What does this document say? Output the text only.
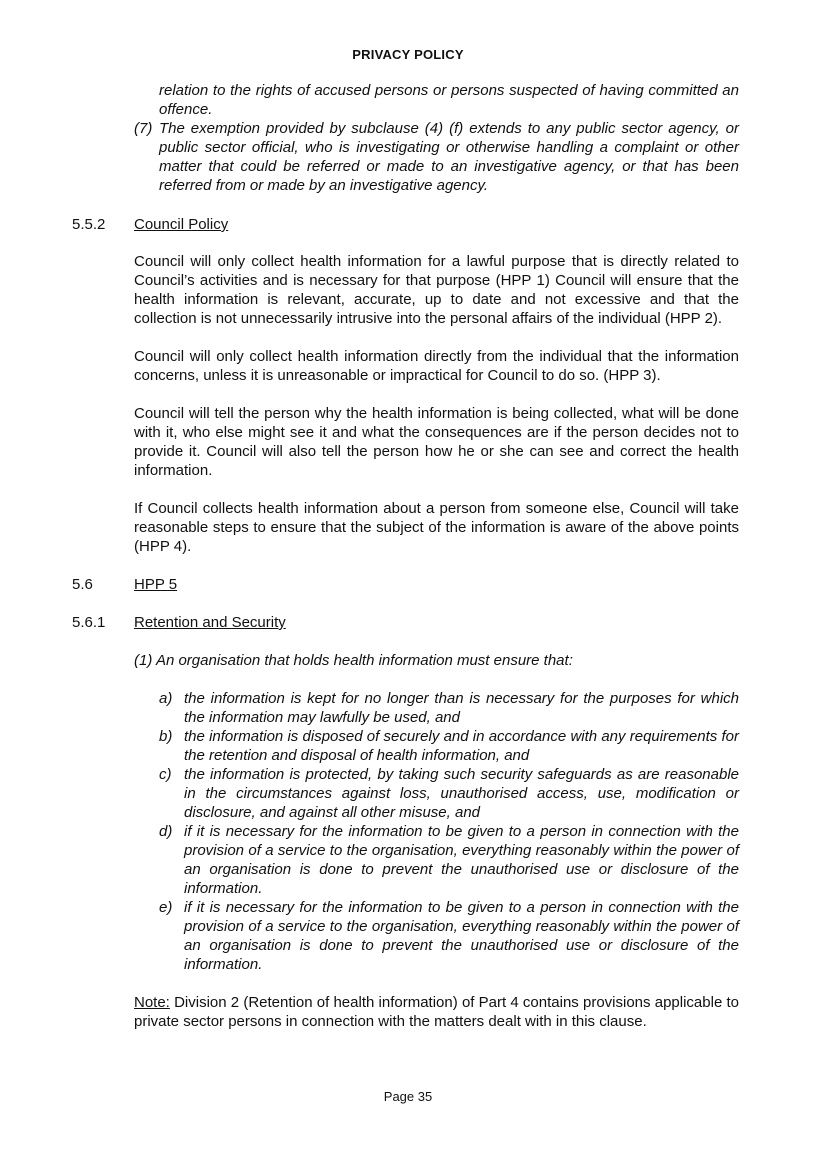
PRIVACY POLICY
relation to the rights of accused persons or persons suspected of having committed an offence.
(7) The exemption provided by subclause (4) (f) extends to any public sector agency, or public sector official, who is investigating or otherwise handling a complaint or other matter that could be referred or made to an investigative agency, or that has been referred from or made by an investigative agency.
5.5.2 Council Policy
Council will only collect health information for a lawful purpose that is directly related to Council’s activities and is necessary for that purpose (HPP 1) Council will ensure that the health information is relevant, accurate, up to date and not excessive and that the collection is not unnecessarily intrusive into the personal affairs of the individual (HPP 2).
Council will only collect health information directly from the individual that the information concerns, unless it is unreasonable or impractical for Council to do so. (HPP 3).
Council will tell the person why the health information is being collected, what will be done with it, who else might see it and what the consequences are if the person decides not to provide it. Council will also tell the person how he or she can see and correct the health information.
If Council collects health information about a person from someone else, Council will take reasonable steps to ensure that the subject of the information is aware of the above points (HPP 4).
5.6	HPP 5
5.6.1 Retention and Security
(1) An organisation that holds health information must ensure that:
a) the information is kept for no longer than is necessary for the purposes for which the information may lawfully be used, and
b) the information is disposed of securely and in accordance with any requirements for the retention and disposal of health information, and
c) the information is protected, by taking such security safeguards as are reasonable in the circumstances against loss, unauthorised access, use, modification or disclosure, and against all other misuse, and
d) if it is necessary for the information to be given to a person in connection with the provision of a service to the organisation, everything reasonably within the power of an organisation is done to prevent the unauthorised use or disclosure of the information.
e) if it is necessary for the information to be given to a person in connection with the provision of a service to the organisation, everything reasonably within the power of an organisation is done to prevent the unauthorised use or disclosure of the information.
Note: Division 2 (Retention of health information) of Part 4 contains provisions applicable to private sector persons in connection with the matters dealt with in this clause.
Page 35
